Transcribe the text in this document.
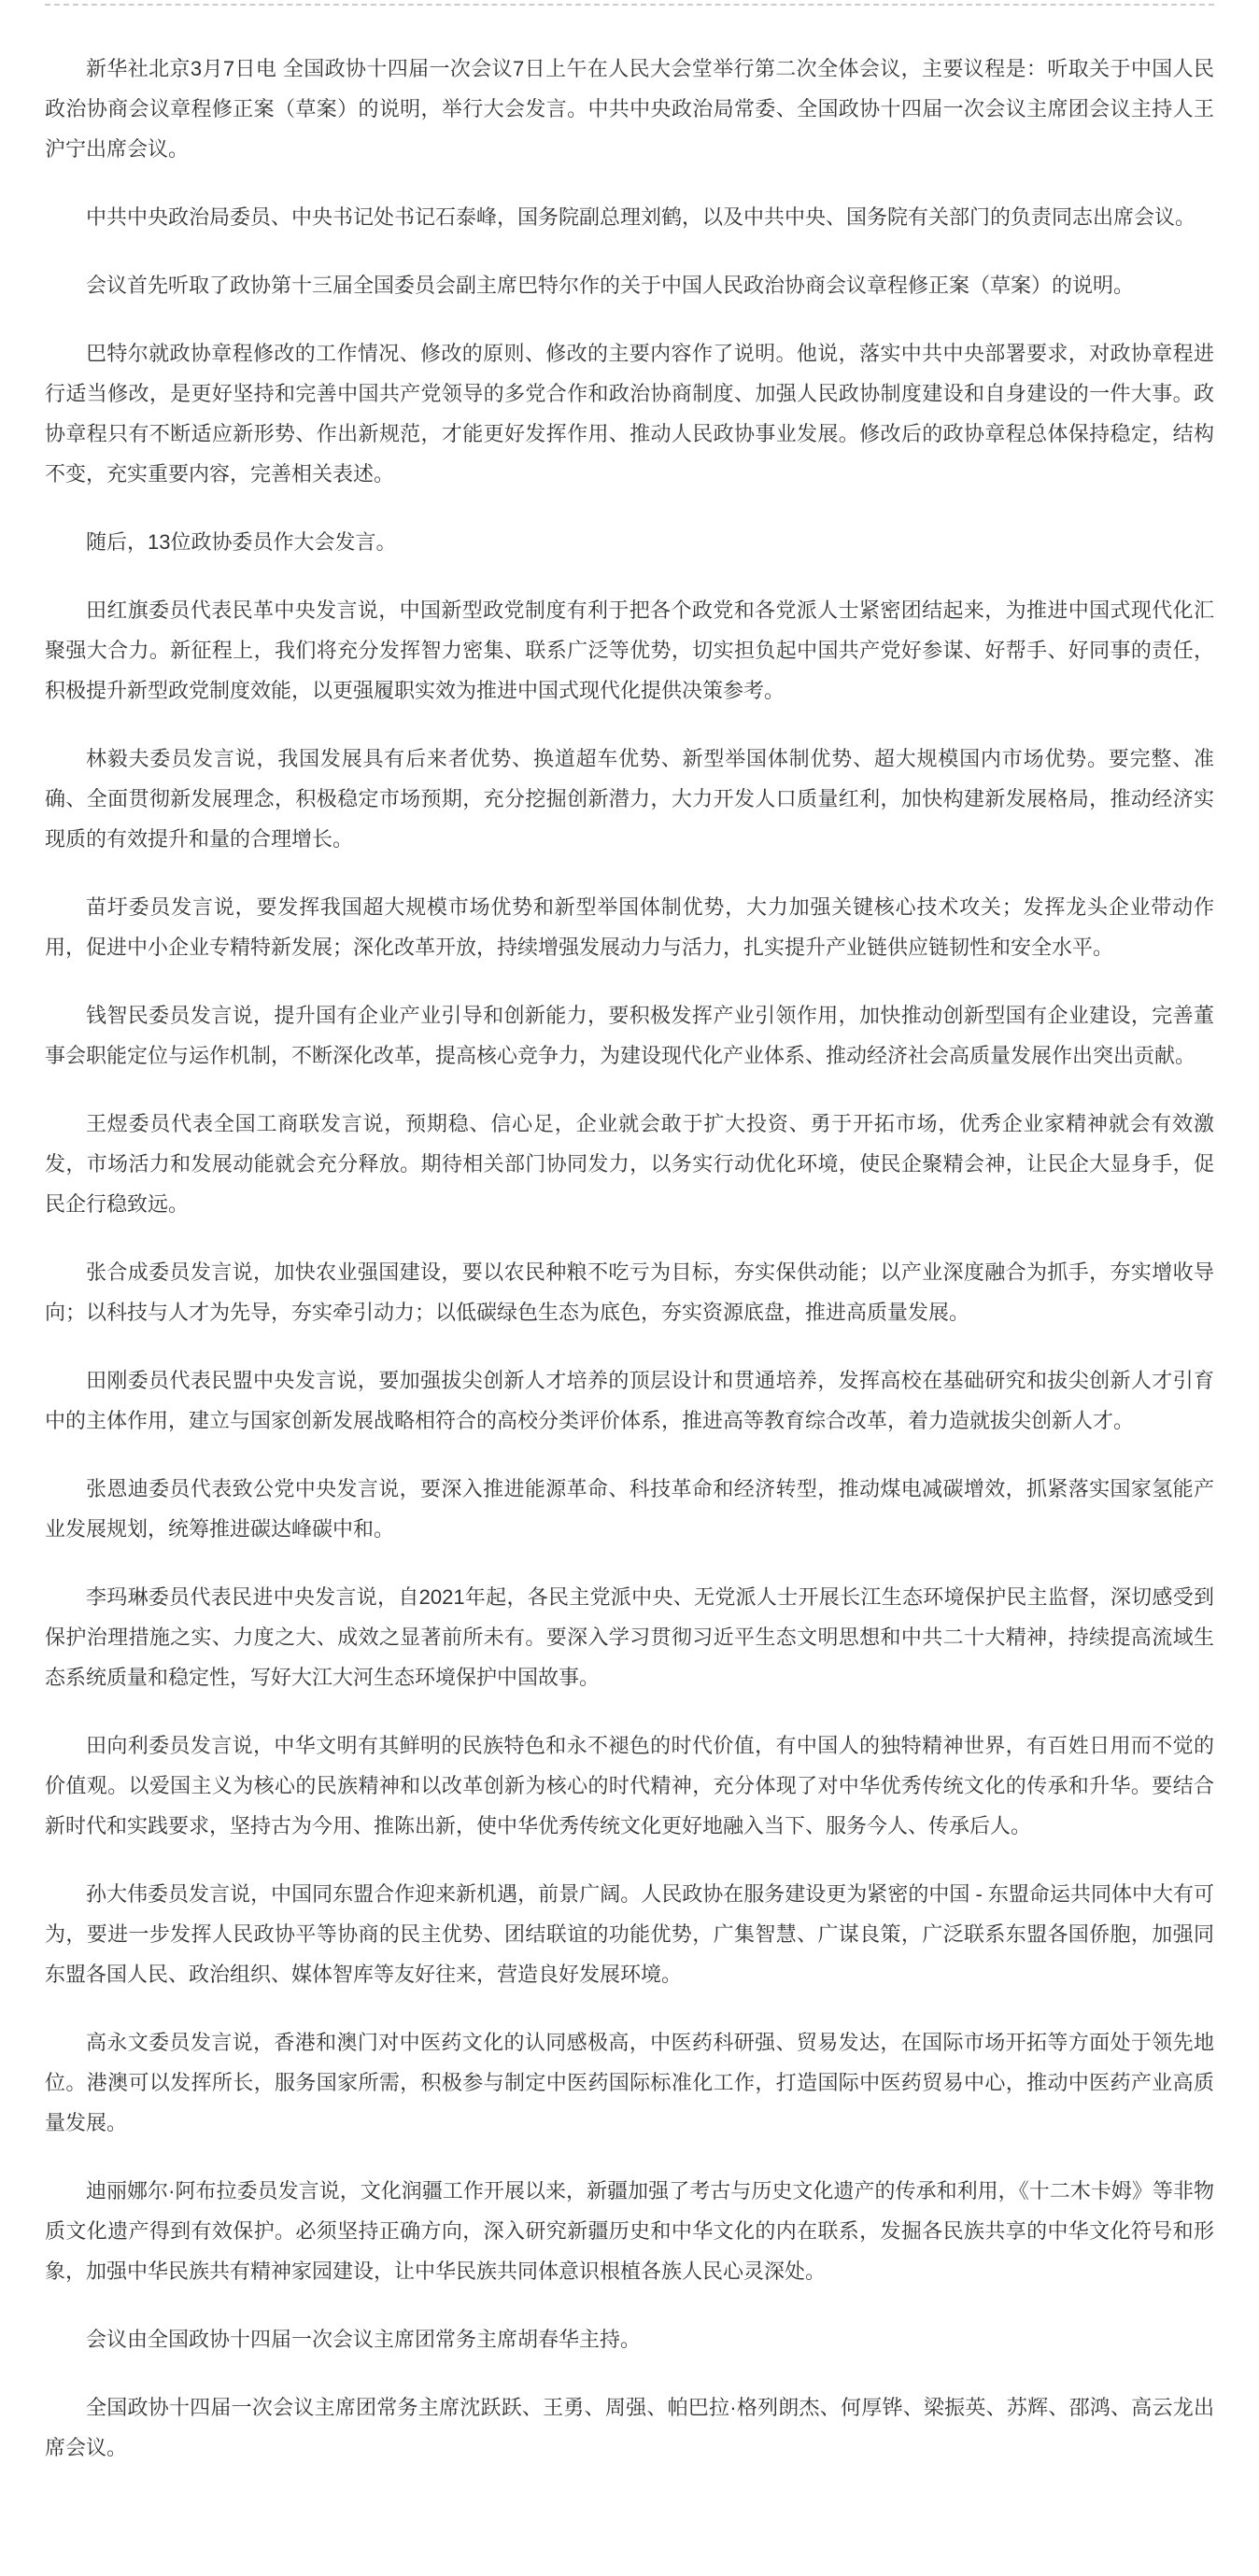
新华社北京3月7日电 全国政协十四届一次会议7日上午在人民大会堂举行第二次全体会议，主要议程是：听取关于中国人民政治协商会议章程修正案（草案）的说明，举行大会发言。中共中央政治局常委、全国政协十四届一次会议主席团会议主持人王沪宁出席会议。

中共中央政治局委员、中央书记处书记石泰峰，国务院副总理刘鹤，以及中共中央、国务院有关部门的负责同志出席会议。

会议首先听取了政协第十三届全国委员会副主席巴特尔作的关于中国人民政治协商会议章程修正案（草案）的说明。

巴特尔就政协章程修改的工作情况、修改的原则、修改的主要内容作了说明。他说，落实中共中央部署要求，对政协章程进行适当修改，是更好坚持和完善中国共产党领导的多党合作和政治协商制度、加强人民政协制度建设和自身建设的一件大事。政协章程只有不断适应新形势、作出新规范，才能更好发挥作用、推动人民政协事业发展。修改后的政协章程总体保持稳定，结构不变，充实重要内容，完善相关表述。

随后，13位政协委员作大会发言。

田红旗委员代表民革中央发言说，中国新型政党制度有利于把各个政党和各党派人士紧密团结起来，为推进中国式现代化汇聚强大合力。新征程上，我们将充分发挥智力密集、联系广泛等优势，切实担负起中国共产党好参谋、好帮手、好同事的责任，积极提升新型政党制度效能，以更强履职实效为推进中国式现代化提供决策参考。

林毅夫委员发言说，我国发展具有后来者优势、换道超车优势、新型举国体制优势、超大规模国内市场优势。要完整、准确、全面贯彻新发展理念，积极稳定市场预期，充分挖掘创新潜力，大力开发人口质量红利，加快构建新发展格局，推动经济实现质的有效提升和量的合理增长。

苗圩委员发言说，要发挥我国超大规模市场优势和新型举国体制优势，大力加强关键核心技术攻关；发挥龙头企业带动作用，促进中小企业专精特新发展；深化改革开放，持续增强发展动力与活力，扎实提升产业链供应链韧性和安全水平。

钱智民委员发言说，提升国有企业产业引导和创新能力，要积极发挥产业引领作用，加快推动创新型国有企业建设，完善董事会职能定位与运作机制，不断深化改革，提高核心竞争力，为建设现代化产业体系、推动经济社会高质量发展作出突出贡献。

王煜委员代表全国工商联发言说，预期稳、信心足，企业就会敢于扩大投资、勇于开拓市场，优秀企业家精神就会有效激发，市场活力和发展动能就会充分释放。期待相关部门协同发力，以务实行动优化环境，使民企聚精会神，让民企大显身手，促民企行稳致远。

张合成委员发言说，加快农业强国建设，要以农民种粮不吃亏为目标，夯实保供动能；以产业深度融合为抓手，夯实增收导向；以科技与人才为先导，夯实牵引动力；以低碳绿色生态为底色，夯实资源底盘，推进高质量发展。

田刚委员代表民盟中央发言说，要加强拔尖创新人才培养的顶层设计和贯通培养，发挥高校在基础研究和拔尖创新人才引育中的主体作用，建立与国家创新发展战略相符合的高校分类评价体系，推进高等教育综合改革，着力造就拔尖创新人才。

张恩迪委员代表致公党中央发言说，要深入推进能源革命、科技革命和经济转型，推动煤电减碳增效，抓紧落实国家氢能产业发展规划，统筹推进碳达峰碳中和。

李玛琳委员代表民进中央发言说，自2021年起，各民主党派中央、无党派人士开展长江生态环境保护民主监督，深切感受到保护治理措施之实、力度之大、成效之显著前所未有。要深入学习贯彻习近平生态文明思想和中共二十大精神，持续提高流域生态系统质量和稳定性，写好大江大河生态环境保护中国故事。

田向利委员发言说，中华文明有其鲜明的民族特色和永不褪色的时代价值，有中国人的独特精神世界，有百姓日用而不觉的价值观。以爱国主义为核心的民族精神和以改革创新为核心的时代精神，充分体现了对中华优秀传统文化的传承和升华。要结合新时代和实践要求，坚持古为今用、推陈出新，使中华优秀传统文化更好地融入当下、服务今人、传承后人。

孙大伟委员发言说，中国同东盟合作迎来新机遇，前景广阔。人民政协在服务建设更为紧密的中国 - 东盟命运共同体中大有可为，要进一步发挥人民政协平等协商的民主优势、团结联谊的功能优势，广集智慧、广谋良策，广泛联系东盟各国侨胞，加强同东盟各国人民、政治组织、媒体智库等友好往来，营造良好发展环境。

高永文委员发言说，香港和澳门对中医药文化的认同感极高，中医药科研强、贸易发达，在国际市场开拓等方面处于领先地位。港澳可以发挥所长，服务国家所需，积极参与制定中医药国际标准化工作，打造国际中医药贸易中心，推动中医药产业高质量发展。

迪丽娜尔·阿布拉委员发言说，文化润疆工作开展以来，新疆加强了考古与历史文化遗产的传承和利用，《十二木卡姆》等非物质文化遗产得到有效保护。必须坚持正确方向，深入研究新疆历史和中华文化的内在联系，发掘各民族共享的中华文化符号和形象，加强中华民族共有精神家园建设，让中华民族共同体意识根植各族人民心灵深处。

会议由全国政协十四届一次会议主席团常务主席胡春华主持。

全国政协十四届一次会议主席团常务主席沈跃跃、王勇、周强、帕巴拉·格列朗杰、何厚铧、梁振英、苏辉、邵鸿、高云龙出席会议。
